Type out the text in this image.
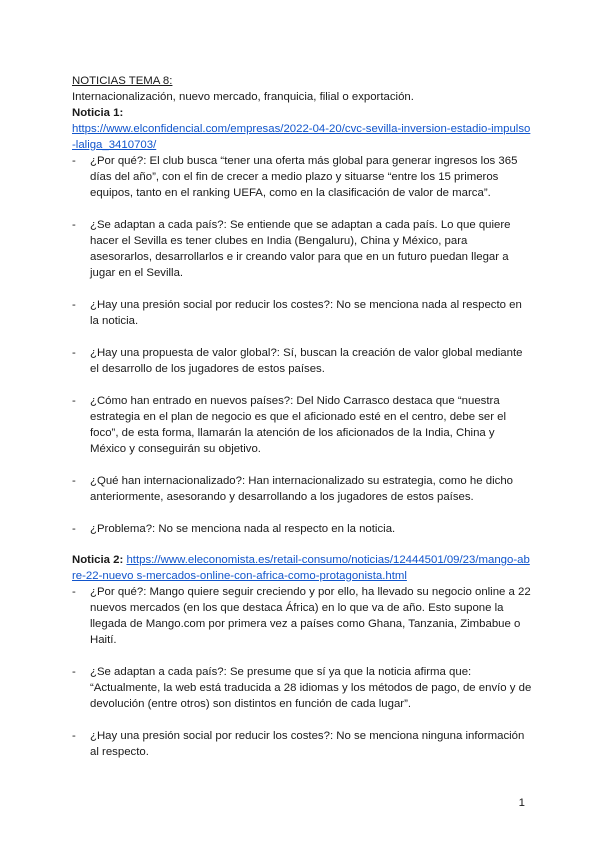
NOTICIAS TEMA 8:
Internacionalización, nuevo mercado, franquicia, filial o exportación.
Noticia 1:
https://www.elconfidencial.com/empresas/2022-04-20/cvc-sevilla-inversion-estadio-impulso-laliga_3410703/
- ¿Por qué?: El club busca “tener una oferta más global para generar ingresos los 365 días del año”, con el fin de crecer a medio plazo y situarse “entre los 15 primeros equipos, tanto en el ranking UEFA, como en la clasificación de valor de marca”.
- ¿Se adaptan a cada país?: Se entiende que se adaptan a cada país. Lo que quiere hacer el Sevilla es tener clubes en India (Bengaluru), China y México, para asesorarlos, desarrollarlos e ir creando valor para que en un futuro puedan llegar a jugar en el Sevilla.
- ¿Hay una presión social por reducir los costes?: No se menciona nada al respecto en la noticia.
- ¿Hay una propuesta de valor global?: Sí, buscan la creación de valor global mediante el desarrollo de los jugadores de estos países.
- ¿Cómo han entrado en nuevos países?: Del Nido Carrasco destaca que “nuestra estrategia en el plan de negocio es que el aficionado esté en el centro, debe ser el foco”, de esta forma, llamarán la atención de los aficionados de la India, China y México y conseguirán su objetivo.
- ¿Qué han internacionalizado?: Han internacionalizado su estrategia, como he dicho anteriormente, asesorando y desarrollando a los jugadores de estos países.
- ¿Problema?: No se menciona nada al respecto en la noticia.
Noticia 2: https://www.eleconomista.es/retail-consumo/noticias/12444501/09/23/mango-abre-22-nuevo s-mercados-online-con-africa-como-protagonista.html
- ¿Por qué?: Mango quiere seguir creciendo y por ello, ha llevado su negocio online a 22 nuevos mercados (en los que destaca África) en lo que va de año. Esto supone la llegada de Mango.com por primera vez a países como Ghana, Tanzania, Zimbabue o Haití.
- ¿Se adaptan a cada país?: Se presume que sí ya que la noticia afirma que: “Actualmente, la web está traducida a 28 idiomas y los métodos de pago, de envío y de devolución (entre otros) son distintos en función de cada lugar”.
- ¿Hay una presión social por reducir los costes?: No se menciona ninguna información al respecto.
1
